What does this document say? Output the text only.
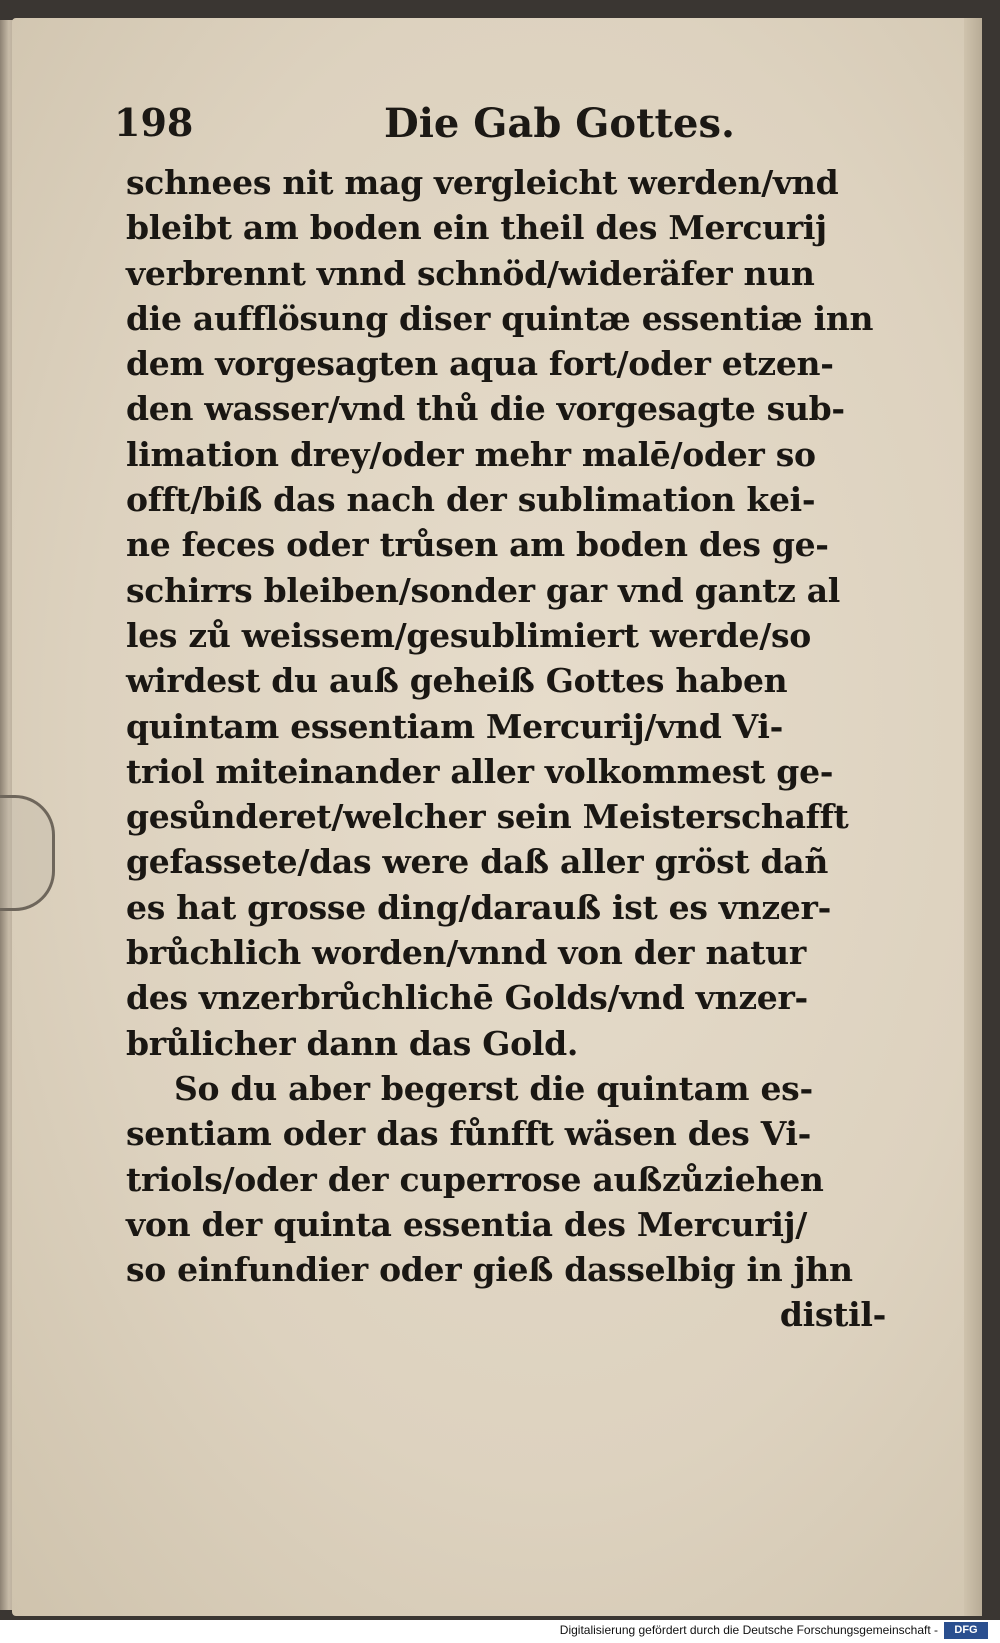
198	Die Gab Gottes.
schnees nit mag vergleicht werden/vnd
bleibt am boden ein theil des Mercurij
verbrennt vnnd schnöd/wideräfer nun
die aufflösung diser quintæ essentiæ inn
dem vorgesagten aqua fort/oder etzen-
den wasser/vnd thů die vorgesagte sub-
limation drey/oder mehr malē/oder so
offt/biß das nach der sublimation kei-
ne feces oder trůsen am boden des ge-
schirrs bleiben/sonder gar vnd gantz al
les zů weissem/gesublimiert werde/so
wirdest du auß geheiß Gottes haben
quintam essentiam Mercurij/vnd Vi-
triol miteinander aller volkommest ge-
gesůnderet/welcher sein Meisterschafft
gefassete/das were daß aller gröst dañ
es hat grosse ding/darauß ist es vnzer-
brůchlich worden/vnnd von der natur
des vnzerbrůchlichē Golds/vnd vnzer-
brůlicher dann das Gold.
So du aber begerst die quintam es-
sentiam oder das fůnfft wäsen des Vi-
triols/oder der cuperrose außzůziehen
von der quinta essentia des Mercurij/
so einfundier oder gieß dasselbig in jhn
distil-
Digitalisierung gefördert durch die Deutsche Forschungsgemeinschaft -	DFG
